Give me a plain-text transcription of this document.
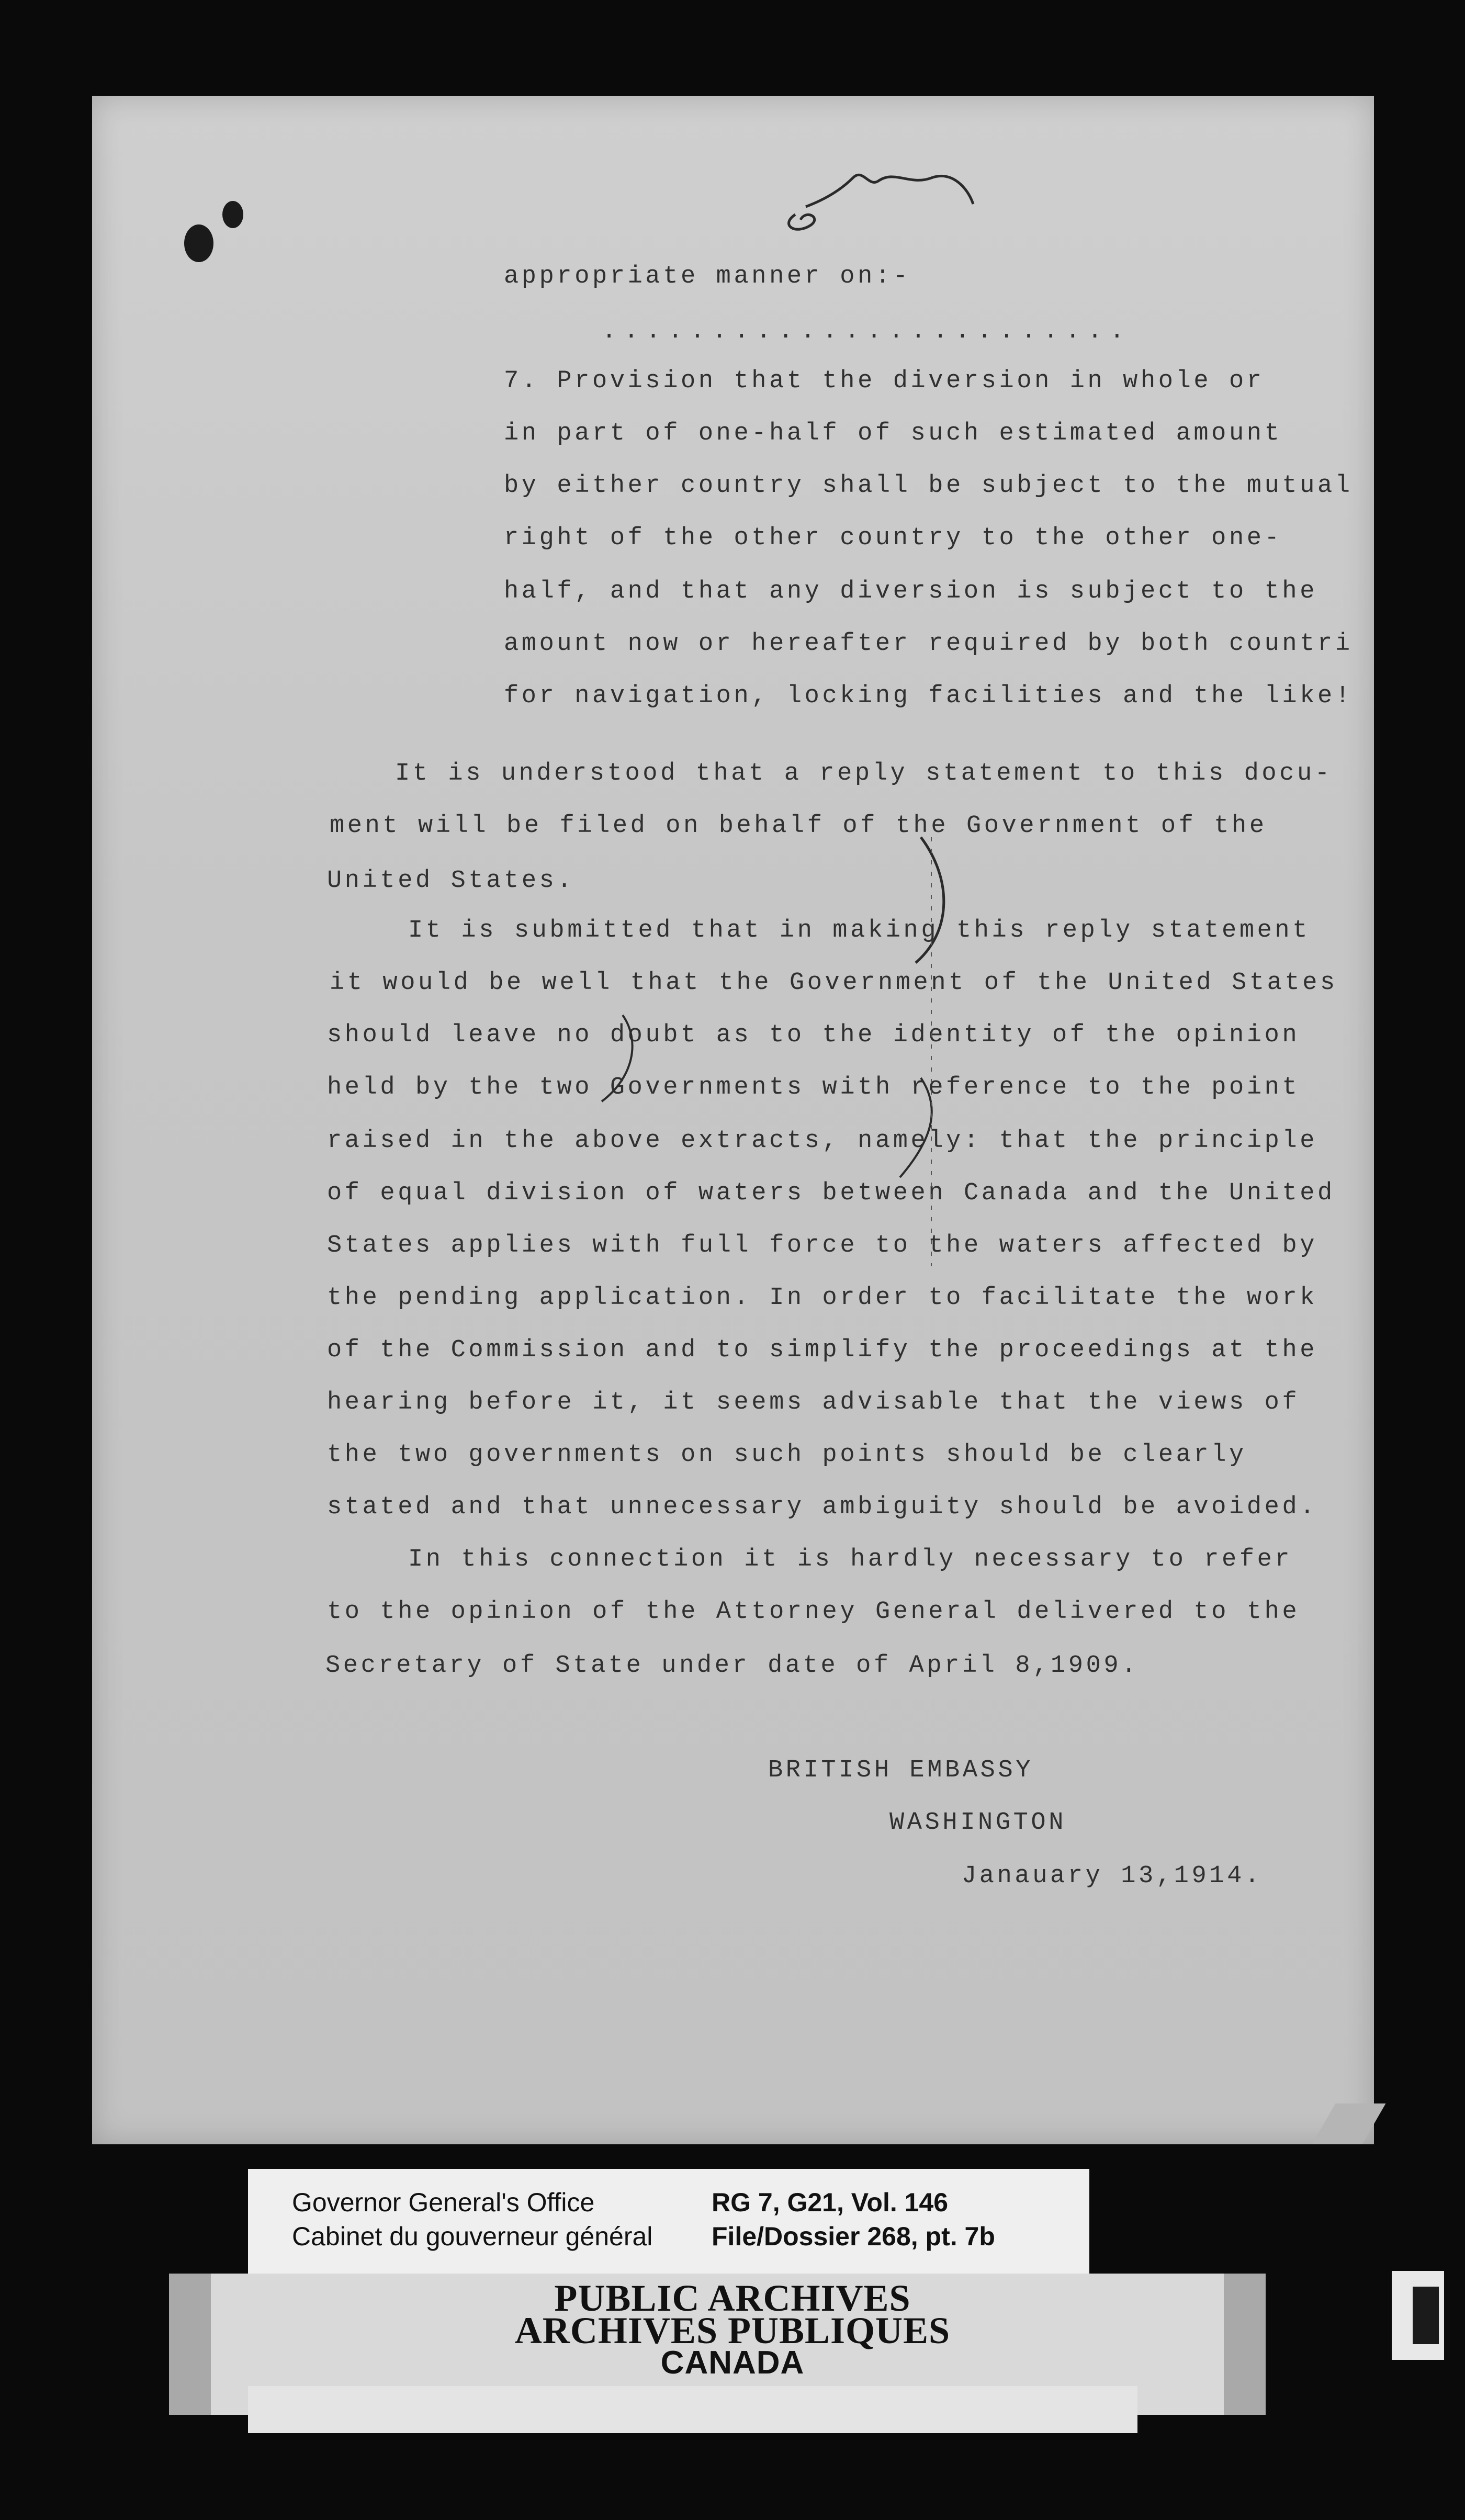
appropriate manner on:-
........................
7. Provision that the diversion in whole or
in part of one-half of such estimated amount
by either country shall be subject to the mutual
right of the other country to the other one-
half, and that any diversion is subject to the
amount now or hereafter required by both countri
for navigation, locking facilities and the like!
It is understood that a reply statement to this docu-
ment will be filed on behalf of the Government of the
United States.
It is submitted that in making this reply statement
it would be well that the Government of the United States
should leave no doubt as to the identity of the opinion
held by the two Governments with reference to the point
raised in the above extracts, namely: that the principle
of equal division of waters between Canada and the United
States applies with full force to the waters affected by
the pending application. In order to facilitate the work
of the Commission and to simplify the proceedings at the
hearing before it, it seems advisable that the views of
the two governments on such points should be clearly
stated and that unnecessary ambiguity should be avoided.
In this connection it is hardly necessary to refer
to the opinion of the Attorney General delivered to the
Secretary of State under date of April 8,1909.
BRITISH EMBASSY
WASHINGTON
Janauary 13,1914.
Governor General's Office
Cabinet du gouverneur général
RG 7, G21, Vol. 146
File/Dossier 268, pt. 7b
PUBLIC ARCHIVES
ARCHIVES PUBLIQUES
CANADA
